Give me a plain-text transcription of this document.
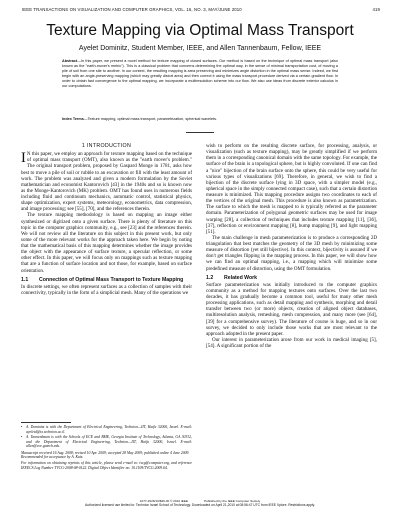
IEEE TRANSACTIONS ON VISUALIZATION AND COMPUTER GRAPHICS, VOL. 16, NO. 3, MAY/JUNE 2010	419
Texture Mapping via Optimal Mass Transport
Ayelet Dominitz, Student Member, IEEE, and Allen Tannenbaum, Fellow, IEEE
Abstract—In this paper, we present a novel method for texture mapping of closed surfaces. Our method is based on the technique of optimal mass transport (also known as the "earth-mover's metric"). This is a classical problem that concerns determining the optimal way, in the sense of minimal transportation cost, of moving a pile of soil from one site to another. In our context, the resulting mapping is area preserving and minimizes angle distortion in the optimal mass sense. Indeed, we first begin with an angle-preserving mapping (which may greatly distort area) and then correct it using the mass transport procedure derived via a certain gradient flow. In order to obtain fast convergence to the optimal mapping, we incorporate a multiresolution scheme into our flow. We also use ideas from discrete exterior calculus in our computations.
Index Terms—Texture mapping, optimal mass transport, parametrization, spherical wavelets.
1 INTRODUCTION

I N this paper, we employ an approach for texture mapping based on the technique of optimal mass transport (OMT), also known as the "earth mover's problem." The original transport problem, proposed by Gaspard Monge in 1781, asks how best to move a pile of soil or rubble to an excavation or fill with the least amount of work. The problem was analyzed and given a modern formulation by the Soviet mathematician and economist Kantorovich [43] in the 1940s and so is known now as the Monge-Kantorovich (MK) problem. OMT has found uses in numerous fields including fluid and continuum mechanics, automatic control, statistical physics, shape optimization, expert systems, meteorology, econometrics, data compression, and image processing; see [55], [70], and the references therein.

The texture mapping methodology is based on mapping an image either synthesized or digitized onto a given surface. There is plenty of literature on this topic in the computer graphics community, e.g., see [23] and the references therein. We will not review all the literature on this subject in this present work, but only some of the more relevant works for the approach taken here. We begin by noting that the mathematical basis of this mapping determines whether the image provides the object with the appearance of surface texture, a specular reflection, or some other effect. In this paper, we will focus only on mappings such as texture mapping that are a function of surface location and not those, for example, based on surface orientation.

1.1	Connection of Optimal Mass Transport to Texture Mapping

In discrete settings, we often represent surfaces as a collection of samples with their connectivity, typically in the form of a simplicial mesh. Many of the operations we

wish to perform on the resulting discrete surface, for processing, analysis, or visualization (such as texture mapping), may be greatly simplified if we perform them in a corresponding canonical domain with the same topology. For example, the surface of the brain is a topological sphere, but is highly convoluted. If one can find a "nice" bijection of the brain surface onto the sphere, this could be very useful for various types of visualizations [69]. Therefore, in general, we wish to find a bijection of the discrete surface lying in 3D space, with a simpler model (e.g., spherical space in the simply connected compact case), such that a certain distortion measure is minimized. This mapping procedure assigns two coordinates to each of the vertices of the original mesh. This procedure is also known as parametrization. The surface to which the mesh is mapped to is typically referred as the parameter domain. Parameterization of polygonal geometric surfaces may be used for image warping [28], a collection of techniques that includes texture mapping [11], [36], [37], reflection or environment mapping [8], bump mapping [9], and light mapping [51].

The main challenge in mesh parameterization is to produce a corresponding 2D triangulation that best matches the geometry of the 3D mesh by minimizing some measure of distortion (yet still bijective). In this context, bijectivity is assured if we don't get triangles flipping in the mapping process. In this paper, we will show how we can find an optimal mapping, i.e., a mapping which will minimize some predefined measure of distortion, using the OMT formulation.

1.2	Related Work

Surface parameterization was initially introduced to the computer graphics community as a method for mapping textures onto surfaces. Over the last two decades, it has gradually become a common tool, useful for many other mesh processing applications, such as detail mapping and synthesis, morphing and detail transfer between two (or more) objects, creation of aligned object databases, multiresolution analysis, remeshing, mesh compression, and many more (see [64], [39] for a comprehensive survey). The literature of course is huge, and so in our survey, we decided to only include those works that are most relevant to the approach adopted in the present paper.

Our interest in parameterization arose from our work in medical imaging [5], [54]. A significant portion of the

• A. Dominitz is with the Department of Electrical Engineering, Technion—IIT, Haifa 32000, Israel. E-mail: ayeletd@tx.technion.ac.il.
• A. Tannenbaum is with the Schools of ECE and BME, Georgia Institute of Technology, Atlanta, GA 30332, and the Department of Electrical Engineering, Technion—IIT, Haifa 32000, Israel. E-mail: allen@ece.gatech.edu.
Manuscript received 16 Aug. 2008; revised 10 Apr. 2009; accepted 28 May 2009; published online 4 June 2009.
Recommended for acceptance by A. Kuiz.
For information on obtaining reprints of this article, please send e-mail to: tvcg@computer.org, and reference IEEECS Log Number TVCG-2008-08-0122. Digital Object Identifier no. 10.1109/TVCG.2009.64.
1077-2626/10/$26.00 © 2010 IEEE	Published by the IEEE Computer Society
Authorized licensed use limited to: Technion Israel School of Technology. Downloaded on April 21,2010 at 08:56:47 UTC from IEEE Xplore. Restrictions apply.
